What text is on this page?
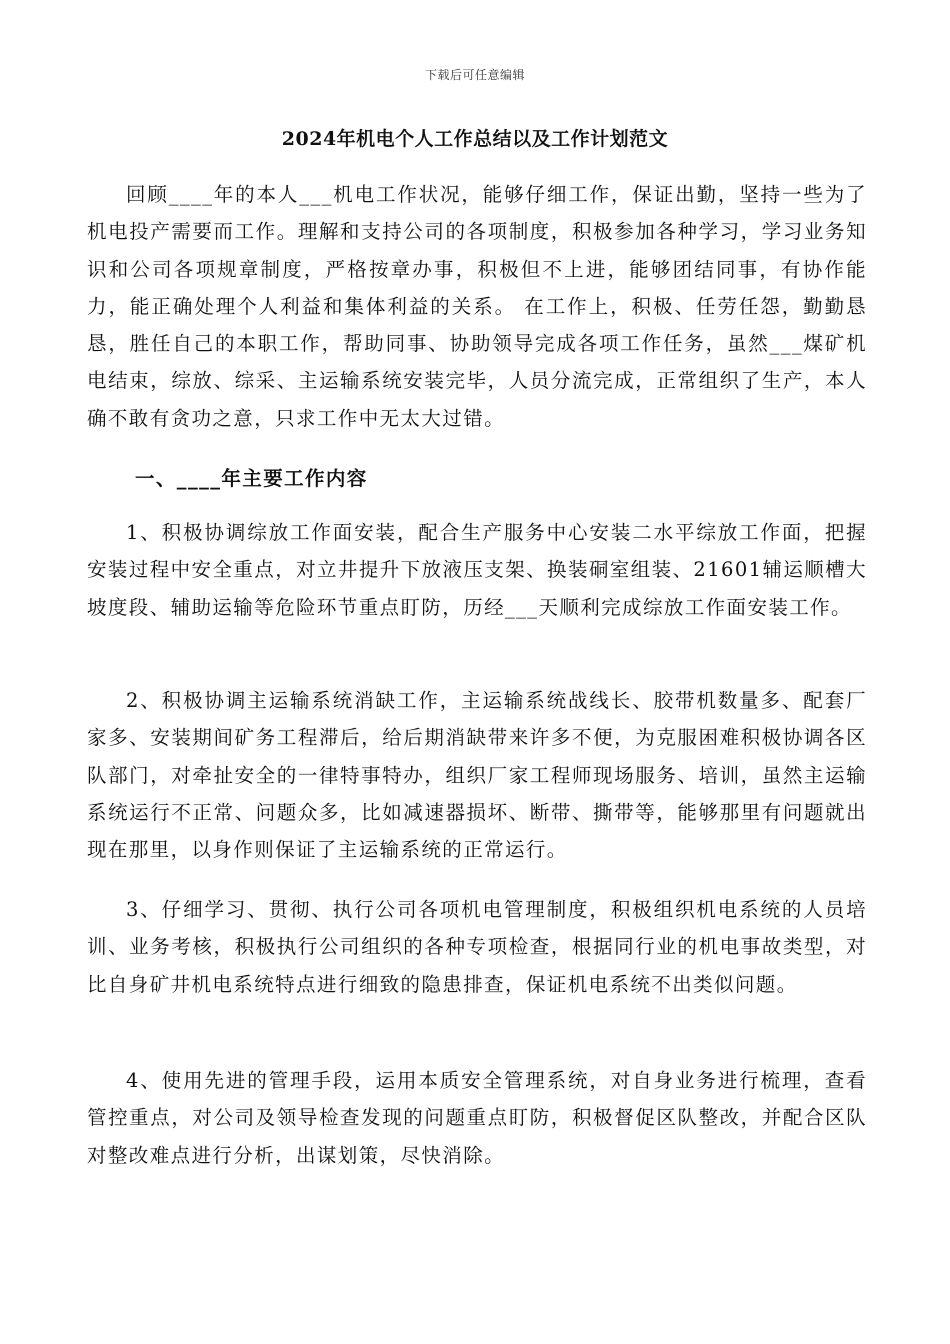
下载后可任意编辑
2024年机电个人工作总结以及工作计划范文

回顾____年的本人___机电工作状况，能够仔细工作，保证出勤，坚持一些为了机电投产需要而工作。理解和支持公司的各项制度，积极参加各种学习，学习业务知识和公司各项规章制度，严格按章办事，积极但不上进，能够团结同事，有协作能力，能正确处理个人利益和集体利益的关系。 在工作上，积极、任劳任怨，勤勤恳恳，胜任自己的本职工作，帮助同事、协助领导完成各项工作任务，虽然___煤矿机电结束，综放、综采、主运输系统安装完毕，人员分流完成，正常组织了生产，本人确不敢有贪功之意，只求工作中无太大过错。

一、____年主要工作内容

1、积极协调综放工作面安装，配合生产服务中心安装二水平综放工作面，把握安装过程中安全重点，对立井提升下放液压支架、换装硐室组装、21601辅运顺槽大坡度段、辅助运输等危险环节重点盯防，历经___天顺利完成综放工作面安装工作。

2、积极协调主运输系统消缺工作，主运输系统战线长、胶带机数量多、配套厂家多、安装期间矿务工程滞后，给后期消缺带来许多不便，为克服困难积极协调各区队部门，对牵扯安全的一律特事特办，组织厂家工程师现场服务、培训，虽然主运输系统运行不正常、问题众多，比如减速器损坏、断带、撕带等，能够那里有问题就出现在那里，以身作则保证了主运输系统的正常运行。

3、仔细学习、贯彻、执行公司各项机电管理制度，积极组织机电系统的人员培训、业务考核，积极执行公司组织的各种专项检查，根据同行业的机电事故类型，对比自身矿井机电系统特点进行细致的隐患排查，保证机电系统不出类似问题。

4、使用先进的管理手段，运用本质安全管理系统，对自身业务进行梳理，查看管控重点，对公司及领导检查发现的问题重点盯防，积极督促区队整改，并配合区队对整改难点进行分析，出谋划策，尽快消除。
